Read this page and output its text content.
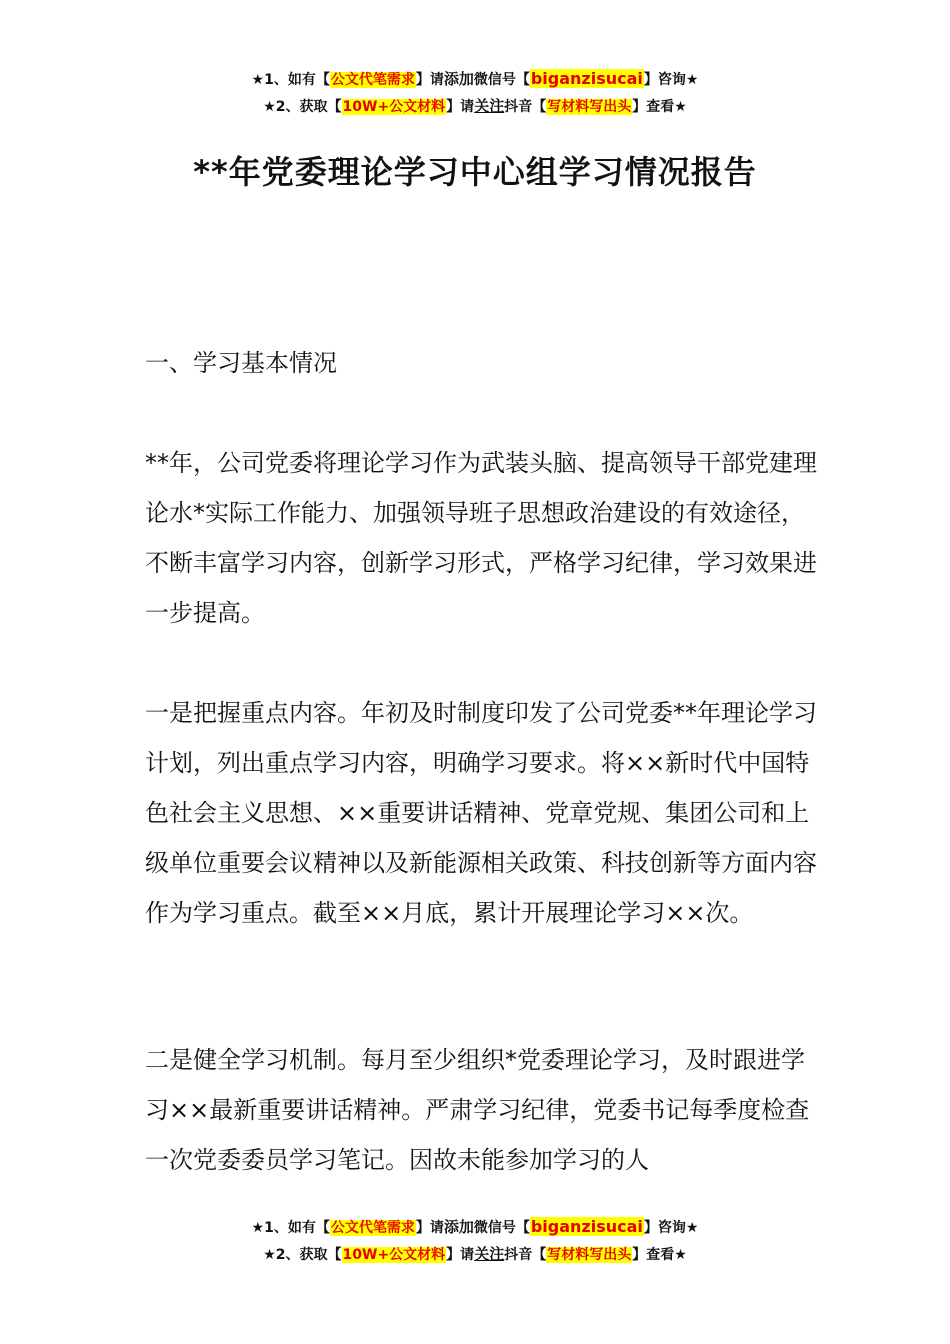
★1、如有【公文代笔需求】请添加微信号【biganzisucai】咨询★
★2、获取【10W+公文材料】请关注抖音【写材料写出头】查看★
**年党委理论学习中心组学习情况报告

一、学习基本情况

**年，公司党委将理论学习作为武装头脑、提高领导干部党建理论水*实际工作能力、加强领导班子思想政治建设的有效途径，不断丰富学习内容，创新学习形式，严格学习纪律，学习效果进一步提高。

一是把握重点内容。年初及时制度印发了公司党委**年理论学习计划，列出重点学习内容，明确学习要求。将××新时代中国特色社会主义思想、××重要讲话精神、党章党规、集团公司和上级单位重要会议精神以及新能源相关政策、科技创新等方面内容作为学习重点。截至××月底，累计开展理论学习××次。

二是健全学习机制。每月至少组织*党委理论学习，及时跟进学习××最新重要讲话精神。严肃学习纪律，党委书记每季度检查一次党委委员学习笔记。因故未能参加学习的人

★1、如有【公文代笔需求】请添加微信号【biganzisucai】咨询★
★2、获取【10W+公文材料】请关注抖音【写材料写出头】查看★
